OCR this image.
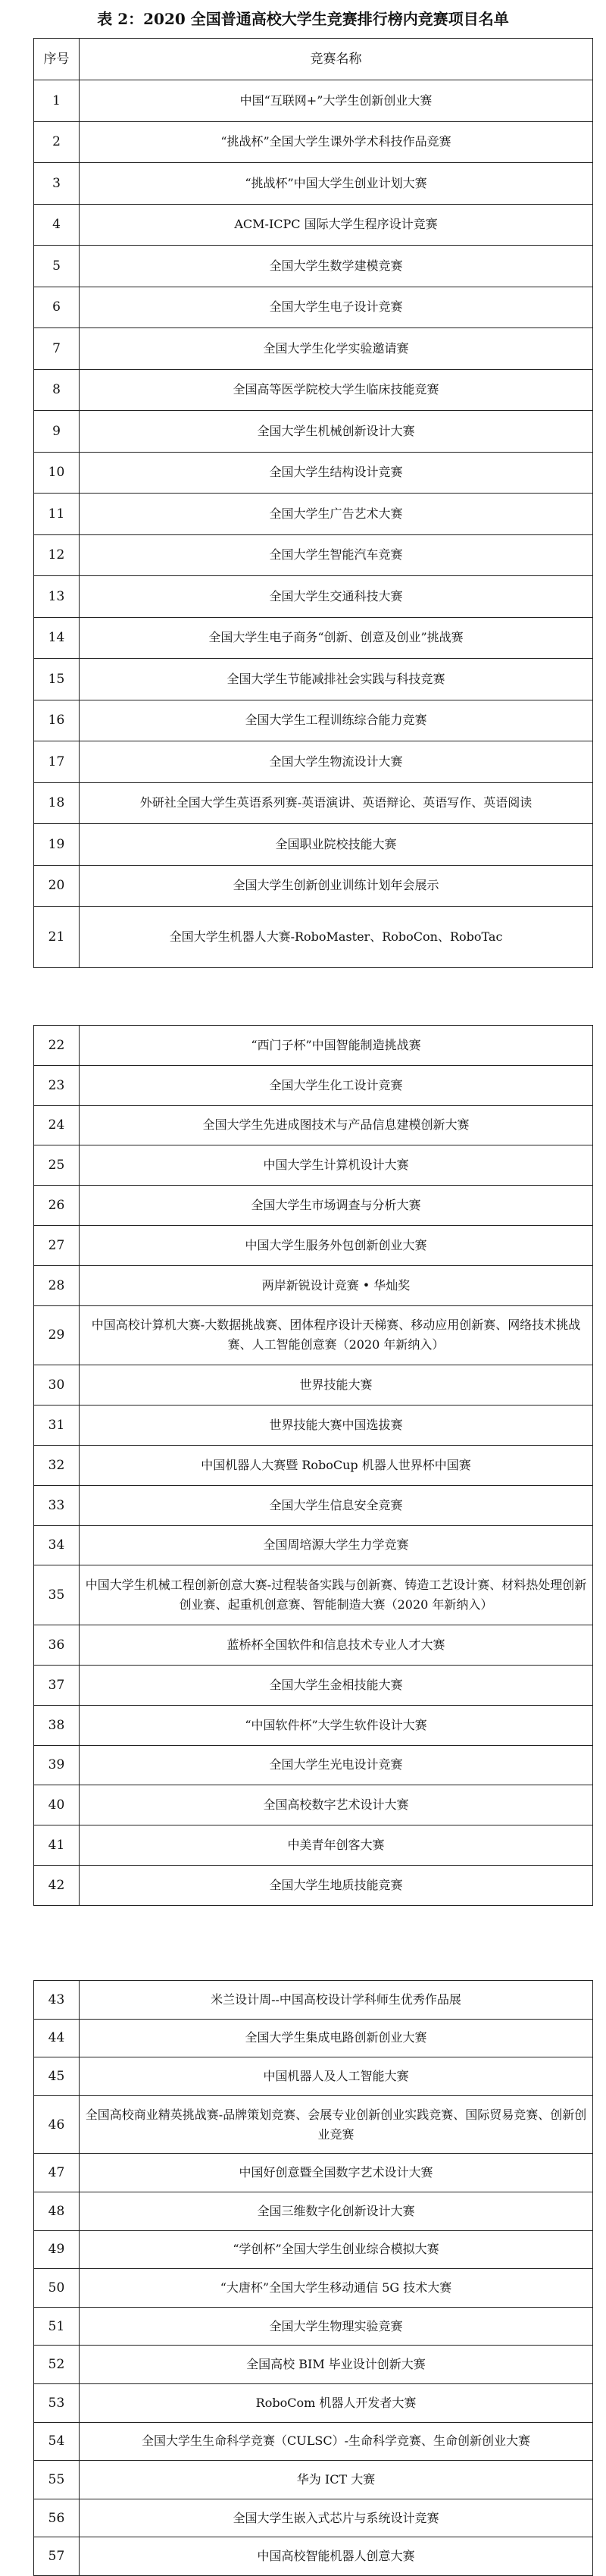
表 2：2020 全国普通高校大学生竞赛排行榜内竞赛项目名单
序号	竞赛名称
1	中国“互联网+”大学生创新创业大赛
2	“挑战杯”全国大学生课外学术科技作品竞赛
3	“挑战杯”中国大学生创业计划大赛
4	ACM-ICPC 国际大学生程序设计竞赛
5	全国大学生数学建模竞赛
6	全国大学生电子设计竞赛
7	全国大学生化学实验邀请赛
8	全国高等医学院校大学生临床技能竞赛
9	全国大学生机械创新设计大赛
10	全国大学生结构设计竞赛
11	全国大学生广告艺术大赛
12	全国大学生智能汽车竞赛
13	全国大学生交通科技大赛
14	全国大学生电子商务“创新、创意及创业”挑战赛
15	全国大学生节能减排社会实践与科技竞赛
16	全国大学生工程训练综合能力竞赛
17	全国大学生物流设计大赛
18	外研社全国大学生英语系列赛-英语演讲、英语辩论、英语写作、英语阅读
19	全国职业院校技能大赛
20	全国大学生创新创业训练计划年会展示
21	全国大学生机器人大赛-RoboMaster、RoboCon、RoboTac
22	“西门子杯”中国智能制造挑战赛
23	全国大学生化工设计竞赛
24	全国大学生先进成图技术与产品信息建模创新大赛
25	中国大学生计算机设计大赛
26	全国大学生市场调查与分析大赛
27	中国大学生服务外包创新创业大赛
28	两岸新锐设计竞赛 • 华灿奖
29	中国高校计算机大赛-大数据挑战赛、团体程序设计天梯赛、移动应用创新赛、网络技术挑战赛、人工智能创意赛（2020 年新纳入）
30	世界技能大赛
31	世界技能大赛中国选拔赛
32	中国机器人大赛暨 RoboCup 机器人世界杯中国赛
33	全国大学生信息安全竞赛
34	全国周培源大学生力学竞赛
35	中国大学生机械工程创新创意大赛-过程装备实践与创新赛、铸造工艺设计赛、材料热处理创新创业赛、起重机创意赛、智能制造大赛（2020 年新纳入）
36	蓝桥杯全国软件和信息技术专业人才大赛
37	全国大学生金相技能大赛
38	“中国软件杯”大学生软件设计大赛
39	全国大学生光电设计竞赛
40	全国高校数字艺术设计大赛
41	中美青年创客大赛
42	全国大学生地质技能竞赛
43	米兰设计周--中国高校设计学科师生优秀作品展
44	全国大学生集成电路创新创业大赛
45	中国机器人及人工智能大赛
46	全国高校商业精英挑战赛-品牌策划竞赛、会展专业创新创业实践竞赛、国际贸易竞赛、创新创业竞赛
47	中国好创意暨全国数字艺术设计大赛
48	全国三维数字化创新设计大赛
49	“学创杯”全国大学生创业综合模拟大赛
50	“大唐杯”全国大学生移动通信 5G 技术大赛
51	全国大学生物理实验竞赛
52	全国高校 BIM 毕业设计创新大赛
53	RoboCom 机器人开发者大赛
54	全国大学生生命科学竞赛（CULSC）-生命科学竞赛、生命创新创业大赛
55	华为 ICT 大赛
56	全国大学生嵌入式芯片与系统设计竞赛
57	中国高校智能机器人创意大赛
